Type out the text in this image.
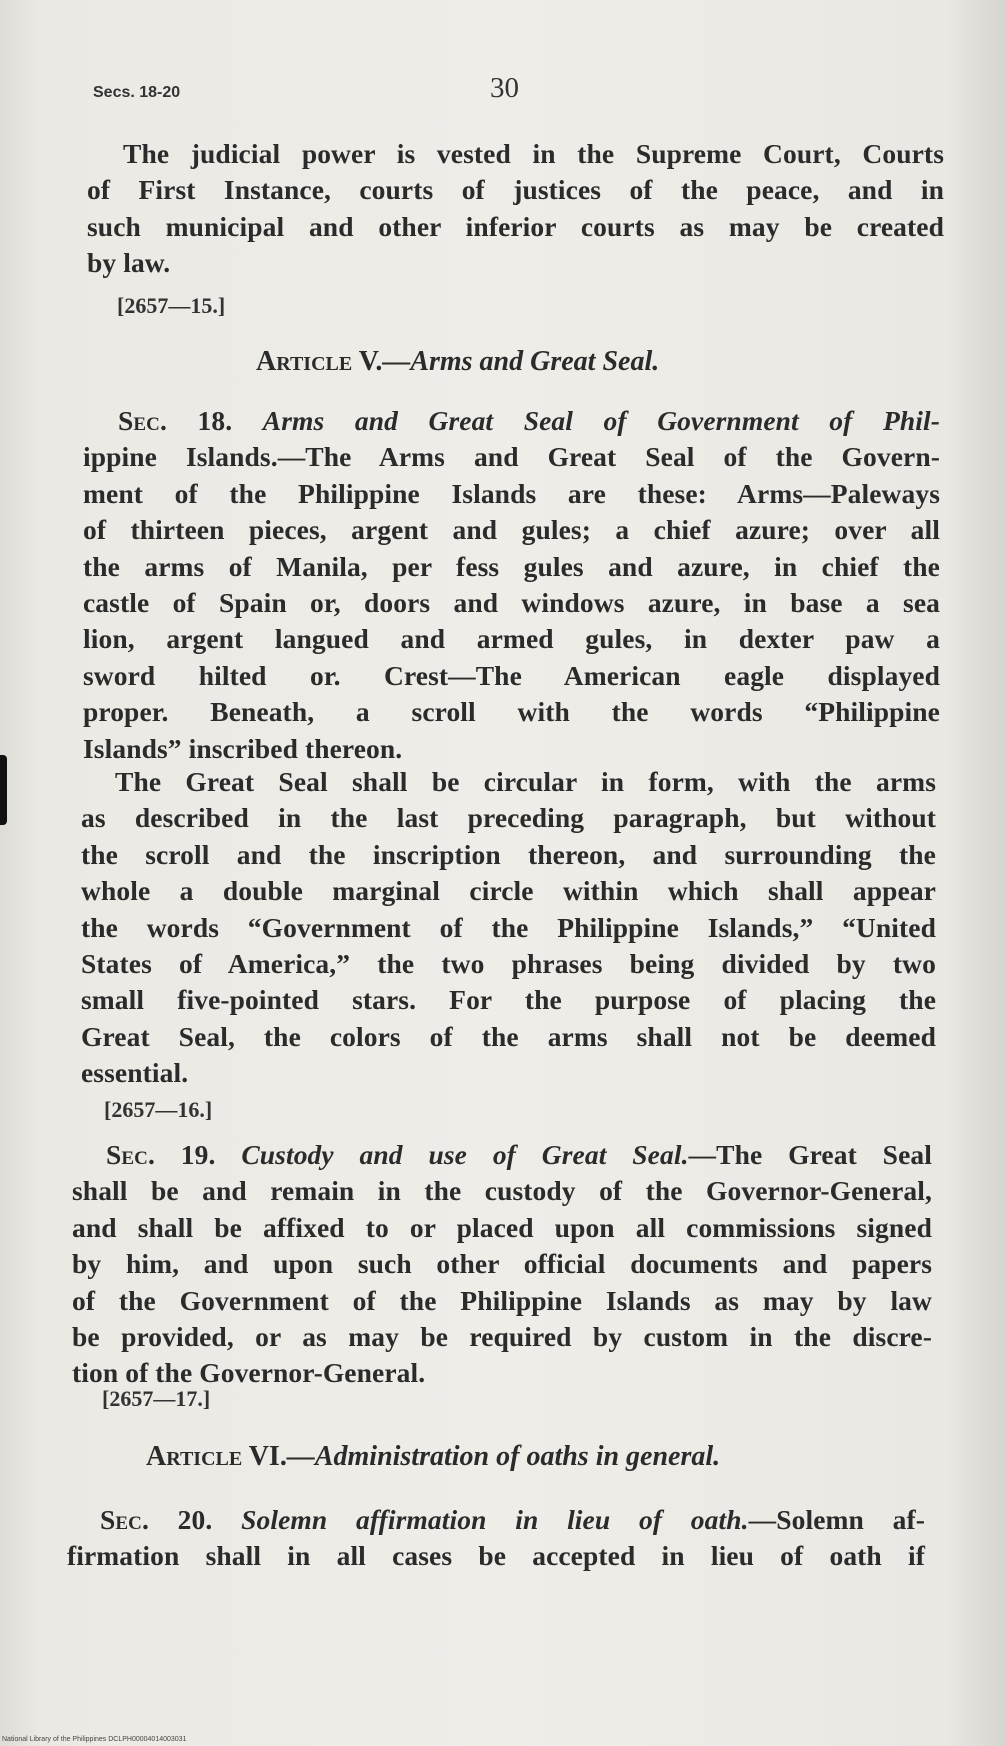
Secs. 18-20	30
The judicial power is vested in the Supreme Court, Courts
of First Instance, courts of justices of the peace, and in
such municipal and other inferior courts as may be created
by law.
[2657—15.]
Article V.—Arms and Great Seal.
Sec. 18. Arms and Great Seal of Government of Phil-
ippine Islands.—The Arms and Great Seal of the Govern-
ment of the Philippine Islands are these: Arms—Paleways
of thirteen pieces, argent and gules; a chief azure; over all
the arms of Manila, per fess gules and azure, in chief the
castle of Spain or, doors and windows azure, in base a sea
lion, argent langued and armed gules, in dexter paw a
sword hilted or. Crest—The American eagle displayed
proper. Beneath, a scroll with the words “Philippine
Islands” inscribed thereon.
The Great Seal shall be circular in form, with the arms
as described in the last preceding paragraph, but without
the scroll and the inscription thereon, and surrounding the
whole a double marginal circle within which shall appear
the words “Government of the Philippine Islands,” “United
States of America,” the two phrases being divided by two
small five-pointed stars. For the purpose of placing the
Great Seal, the colors of the arms shall not be deemed
essential.
[2657—16.]
Sec. 19. Custody and use of Great Seal.—The Great Seal
shall be and remain in the custody of the Governor-General,
and shall be affixed to or placed upon all commissions signed
by him, and upon such other official documents and papers
of the Government of the Philippine Islands as may by law
be provided, or as may be required by custom in the discre-
tion of the Governor-General.
[2657—17.]
Article VI.—Administration of oaths in general.
Sec. 20. Solemn affirmation in lieu of oath.—Solemn af-
firmation shall in all cases be accepted in lieu of oath if
National Library of the Philippines DCLPH00004014003031
